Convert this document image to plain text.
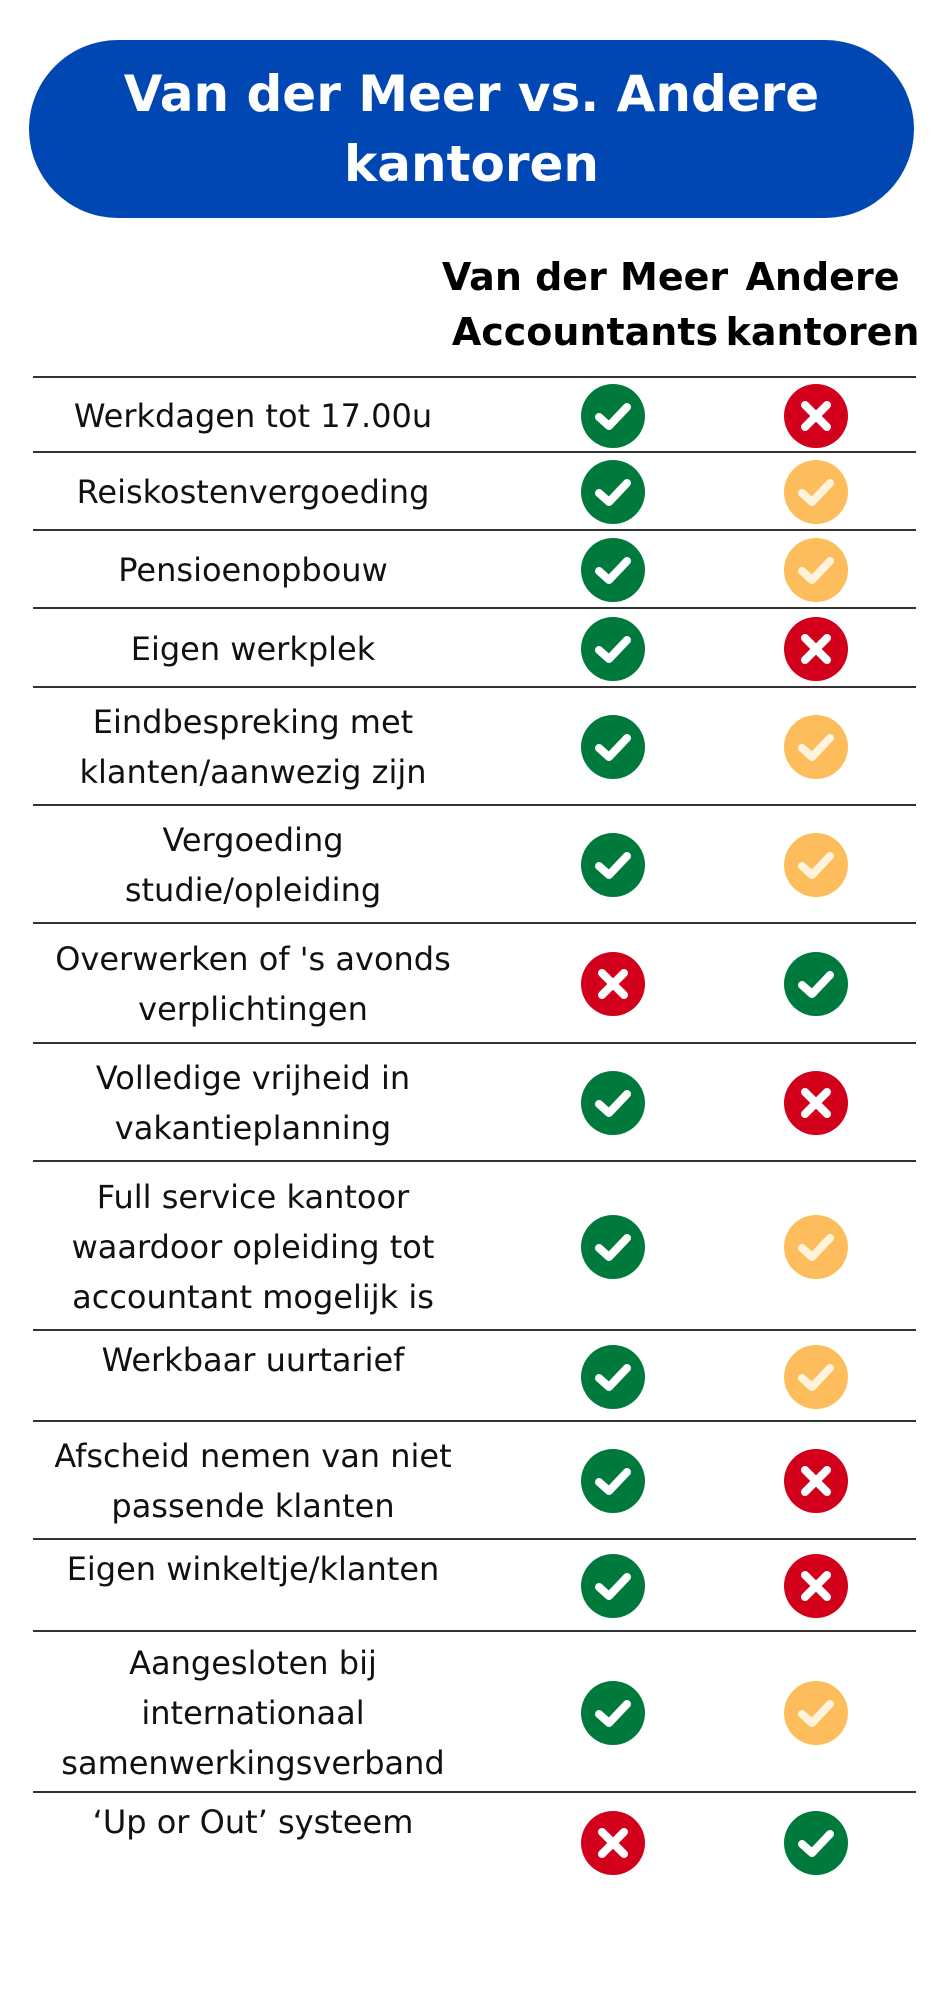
Van der Meer vs. Andere kantoren
Van der Meer Accountants
Andere kantoren
Werkdagen tot 17.00u
Reiskostenvergoeding
Pensioenopbouw
Eigen werkplek
Eindbespreking met klanten/aanwezig zijn
Vergoeding studie/opleiding
Overwerken of 's avonds verplichtingen
Volledige vrijheid in vakantieplanning
Full service kantoor waardoor opleiding tot accountant mogelijk is
Werkbaar uurtarief
Afscheid nemen van niet passende klanten
Eigen winkeltje/klanten
Aangesloten bij internationaal samenwerkingsverband
‘Up or Out’ systeem
